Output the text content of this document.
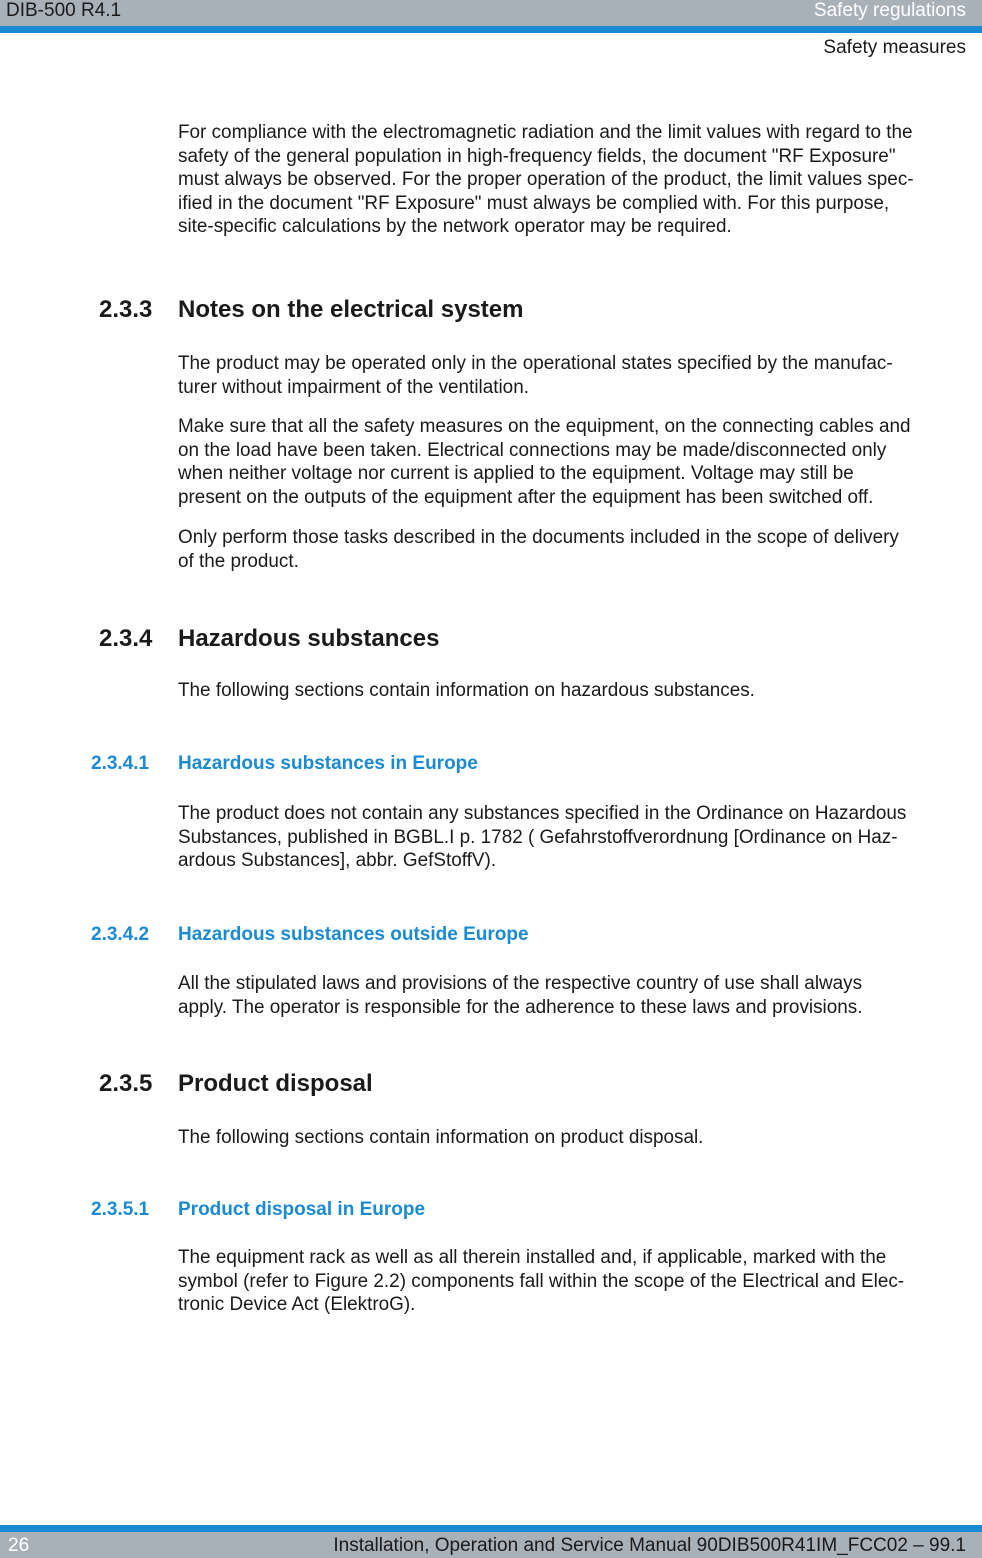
DIB-500 R4.1	Safety regulations
Safety measures
For compliance with the electromagnetic radiation and the limit values with regard to the
safety of the general population in high-frequency fields, the document "RF Exposure"
must always be observed. For the proper operation of the product, the limit values spec-
ified in the document "RF Exposure" must always be complied with. For this purpose,
site-specific calculations by the network operator may be required.
2.3.3 Notes on the electrical system
The product may be operated only in the operational states specified by the manufac-
turer without impairment of the ventilation.
Make sure that all the safety measures on the equipment, on the connecting cables and
on the load have been taken. Electrical connections may be made/disconnected only
when neither voltage nor current is applied to the equipment. Voltage may still be
present on the outputs of the equipment after the equipment has been switched off.
Only perform those tasks described in the documents included in the scope of delivery
of the product.
2.3.4 Hazardous substances
The following sections contain information on hazardous substances.
2.3.4.1 Hazardous substances in Europe
The product does not contain any substances specified in the Ordinance on Hazardous
Substances, published in BGBL.I p. 1782 ( Gefahrstoffverordnung [Ordinance on Haz-
ardous Substances], abbr. GefStoffV).
2.3.4.2 Hazardous substances outside Europe
All the stipulated laws and provisions of the respective country of use shall always
apply. The operator is responsible for the adherence to these laws and provisions.
2.3.5 Product disposal
The following sections contain information on product disposal.
2.3.5.1 Product disposal in Europe
The equipment rack as well as all therein installed and, if applicable, marked with the
symbol (refer to Figure 2.2) components fall within the scope of the Electrical and Elec-
tronic Device Act (ElektroG).
26	Installation, Operation and Service Manual 90DIB500R41IM_FCC02 – 99.1
